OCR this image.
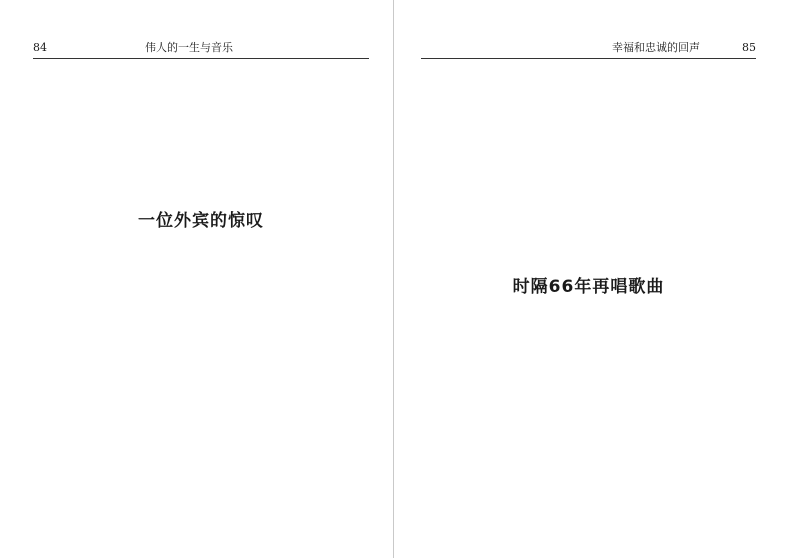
84	伟人的一生与音乐

一位外宾的惊叹

幸福和忠诚的回声	85

时隔66年再唱歌曲
